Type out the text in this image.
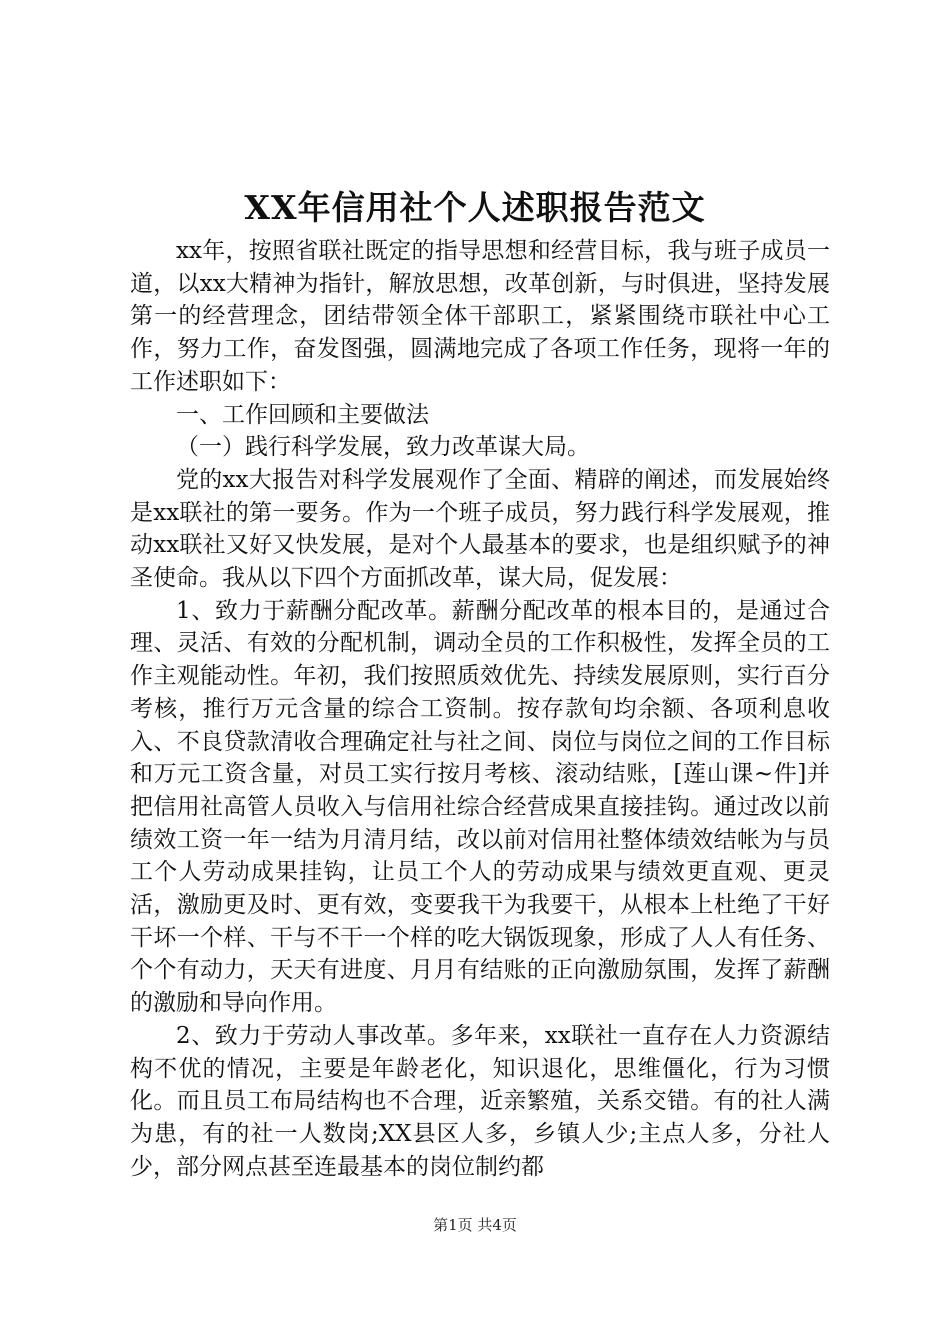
XX年信用社个人述职报告范文

xx年，按照省联社既定的指导思想和经营目标，我与班子成员一道，以xx大精神为指针，解放思想，改革创新，与时俱进，坚持发展第一的经营理念，团结带领全体干部职工，紧紧围绕市联社中心工作，努力工作，奋发图强，圆满地完成了各项工作任务，现将一年的工作述职如下：

一、工作回顾和主要做法

（一）践行科学发展，致力改革谋大局。

党的xx大报告对科学发展观作了全面、精辟的阐述，而发展始终是xx联社的第一要务。作为一个班子成员，努力践行科学发展观，推动xx联社又好又快发展，是对个人最基本的要求，也是组织赋予的神圣使命。我从以下四个方面抓改革，谋大局，促发展：

1、致力于薪酬分配改革。薪酬分配改革的根本目的，是通过合理、灵活、有效的分配机制，调动全员的工作积极性，发挥全员的工作主观能动性。年初，我们按照质效优先、持续发展原则，实行百分考核，推行万元含量的综合工资制。按存款旬均余额、各项利息收入、不良贷款清收合理确定社与社之间、岗位与岗位之间的工作目标和万元工资含量，对员工实行按月考核、滚动结账，[莲山课~件]并把信用社高管人员收入与信用社综合经营成果直接挂钩。通过改以前绩效工资一年一结为月清月结，改以前对信用社整体绩效结帐为与员工个人劳动成果挂钩，让员工个人的劳动成果与绩效更直观、更灵活，激励更及时、更有效，变要我干为我要干，从根本上杜绝了干好干坏一个样、干与不干一个样的吃大锅饭现象，形成了人人有任务、个个有动力，天天有进度、月月有结账的正向激励氛围，发挥了薪酬的激励和导向作用。

2、致力于劳动人事改革。多年来，xx联社一直存在人力资源结构不优的情况，主要是年龄老化，知识退化，思维僵化，行为习惯化。而且员工布局结构也不合理，近亲繁殖，关系交错。有的社人满为患，有的社一人数岗;XX县区人多，乡镇人少;主点人多，分社人少，部分网点甚至连最基本的岗位制约都

第1页 共4页
